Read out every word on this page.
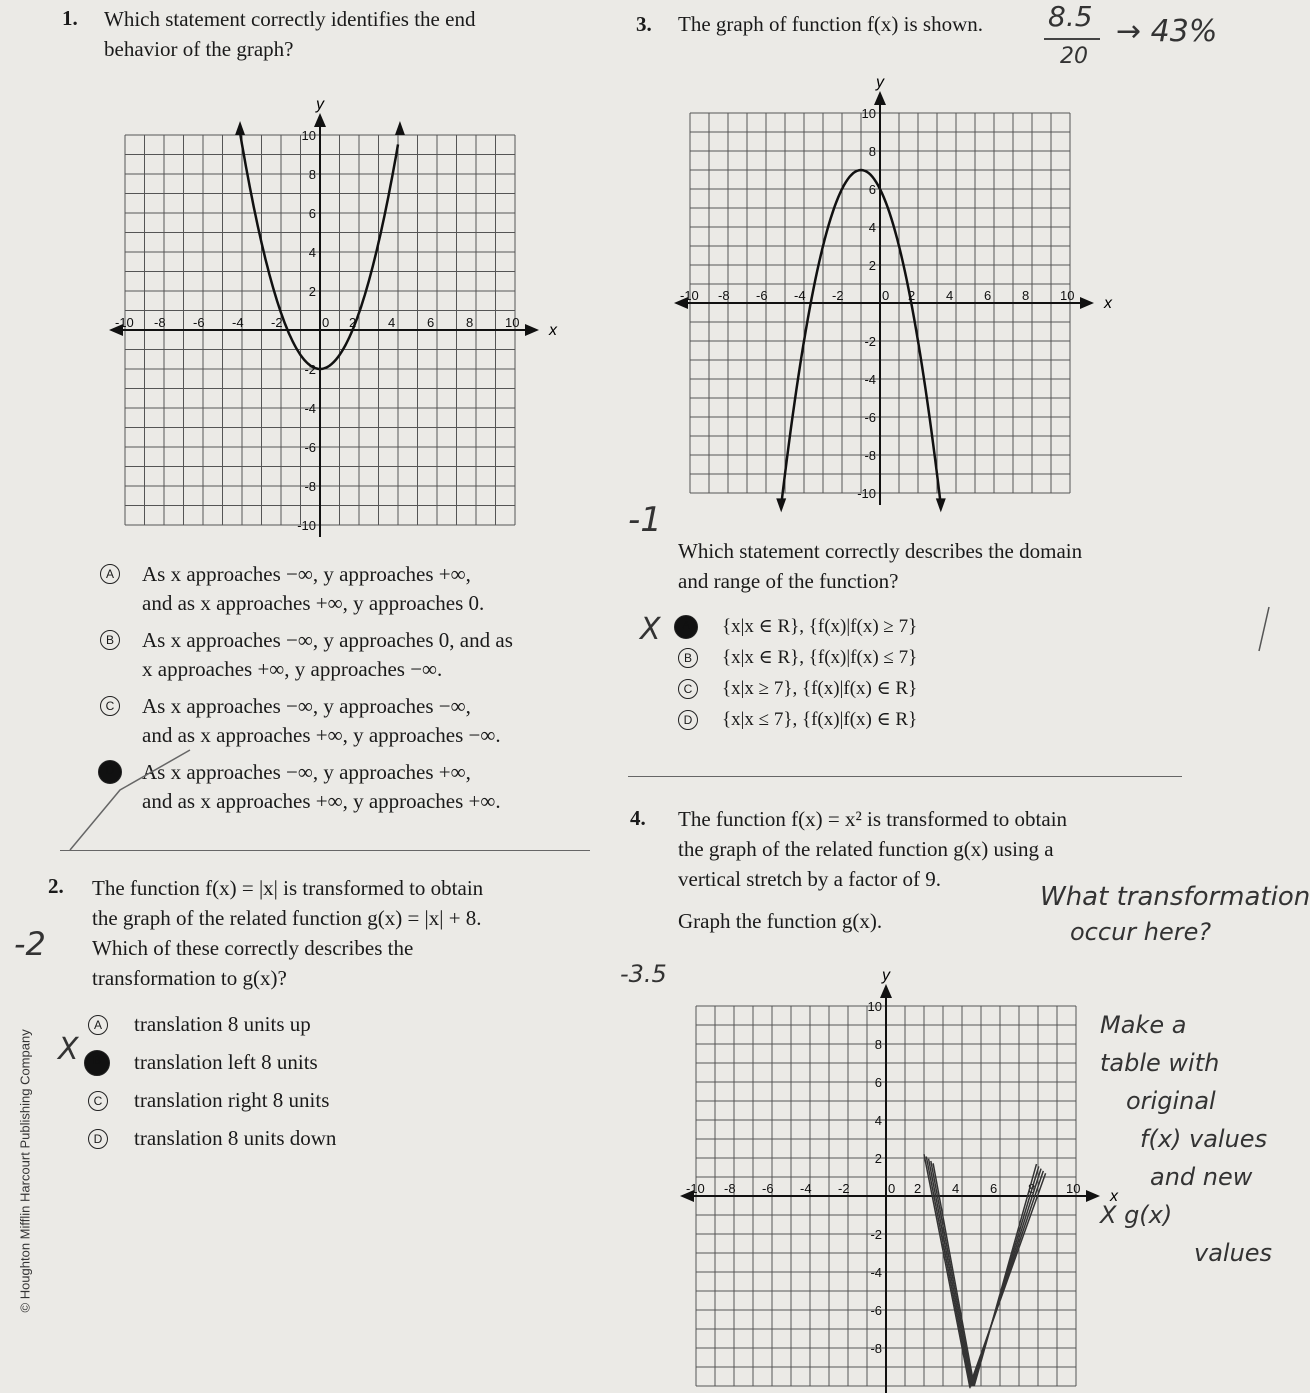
© Houghton Mifflin Harcourt Publishing Company
1. Which statement correctly identifies the end
behavior of the graph?
x
y
-10 -8 -6 -4 -2	0 2 4 6 8 10
10
8
6
4
2
-2
-4
-6
-8
-10
A As x approaches −∞, y approaches +∞,
and as x approaches +∞, y approaches 0.
B As x approaches −∞, y approaches 0, and as
x approaches +∞, y approaches −∞.
C As x approaches −∞, y approaches −∞,
and as x approaches +∞, y approaches −∞.
D	As x approaches −∞, y approaches +∞,
and as x approaches +∞, y approaches +∞.
2. The function f(x) = |x| is transformed to obtain
the graph of the related function g(x) = |x| + 8.
Which of these correctly describes the
transformation to g(x)?
-2
X
A translation 8 units up
B	translation left 8 units
C translation right 8 units
D translation 8 units down
3. The graph of function f(x) is shown. 8.5
20
→ 43%
-1
x
y
-10 -8 -6 -4 -2	0 2 4 6 8 10
10
8
6
4
2
-2
-4
-6
-8
-10
Which statement correctly describes the domain
and range of the function?
X	A	{x|x ∈ R}, {f(x)|f(x) ≥ 7}
B	{x|x ∈ R}, {f(x)|f(x) ≤ 7}
C {x|x ≥ 7}, {f(x)|f(x) ∈ R}
D {x|x ≤ 7}, {f(x)|f(x) ∈ R}
4. The function f(x) = x² is transformed to obtain
the graph of the related function g(x) using a
vertical stretch by a factor of 9.
Graph the function g(x).
-3.5
What transformation
occur here?
Make a
table with
original
f(x) values
and new
X g(x)
values
x
y
-10 -8 -6 -4 -2	0 2 4 6 8 10
10
8
6
4
2
-2
-4
-6
-8
